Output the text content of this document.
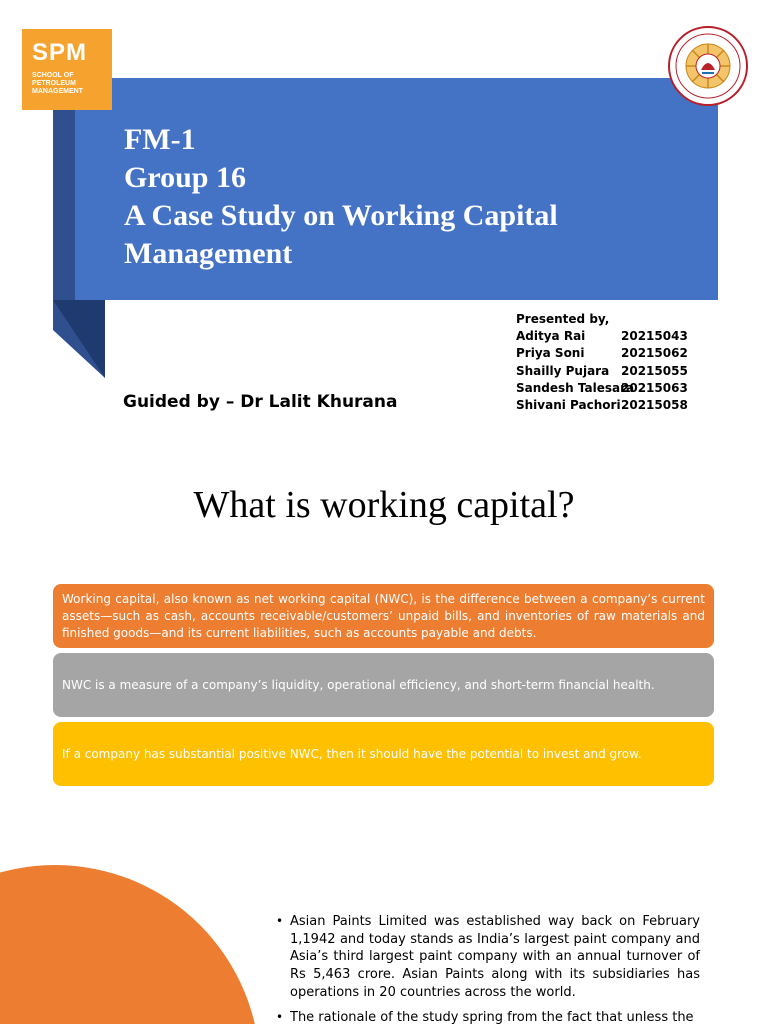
SPM
SCHOOL OF
PETROLEUM
MANAGEMENT
FM-1
Group 16
A Case Study on Working Capital
Management
Presented by,
Aditya Rai	20215043
Priya Soni	20215062
Shailly Pujara 20215055
Sandesh Talesara
20215063
Shivani Pachori 20215058
Guided by – Dr Lalit Khurana
What is working capital?
Working capital, also known as net working capital (NWC), is the difference between a company’s current assets—such as cash, accounts receivable/customers’ unpaid bills, and inventories of raw materials and finished goods—and its current liabilities, such as accounts payable and debts.
NWC is a measure of a company’s liquidity, operational efficiency, and short-term financial health.
If a company has substantial positive NWC, then it should have the potential to invest and grow.
• Asian Paints Limited was established way back on February 1,1942 and today stands as India’s largest paint company and Asia’s third largest paint company with an annual turnover of Rs 5,463 crore. Asian Paints along with its subsidiaries has operations in 20 countries across the world.
• The rationale of the study spring from the fact that unless the
